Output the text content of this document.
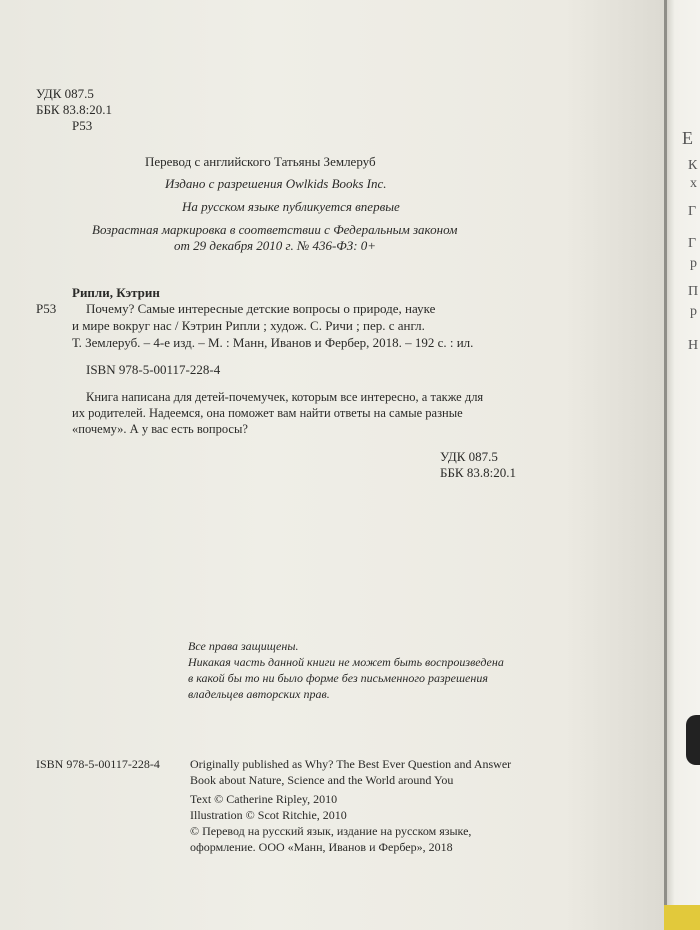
УДК 087.5
ББК 83.8:20.1
Р53
Перевод с английского Татьяны Землеруб
Издано с разрешения Owlkids Books Inc.
На русском языке публикуется впервые
Возрастная маркировка в соответствии с Федеральным законом
от 29 декабря 2010 г. № 436-ФЗ: 0+
Рипли, Кэтрин
Р53 Почему? Самые интересные детские вопросы о природе, науке
и мире вокруг нас / Кэтрин Рипли ; худож. С. Ричи ; пер. с англ.
Т. Землеруб. – 4-е изд. – М. : Манн, Иванов и Фербер, 2018. – 192 с. : ил.
ISBN 978-5-00117-228-4
Книга написана для детей-почемучек, которым все интересно, а также для
их родителей. Надеемся, она поможет вам найти ответы на самые разные
«почему». А у вас есть вопросы?
УДК 087.5
ББК 83.8:20.1
Все права защищены.
Никакая часть данной книги не может быть воспроизведена
в какой бы то ни было форме без письменного разрешения
владельцев авторских прав.
ISBN 978-5-00117-228-4	Originally published as Why? The Best Ever Question and Answer
Book about Nature, Science and the World around You
Text © Catherine Ripley, 2010
Illustration © Scot Ritchie, 2010
© Перевод на русский язык, издание на русском языке,
оформление. ООО «Манн, Иванов и Фербер», 2018
Е
К
х
Г
Г
р
П
р
Н
